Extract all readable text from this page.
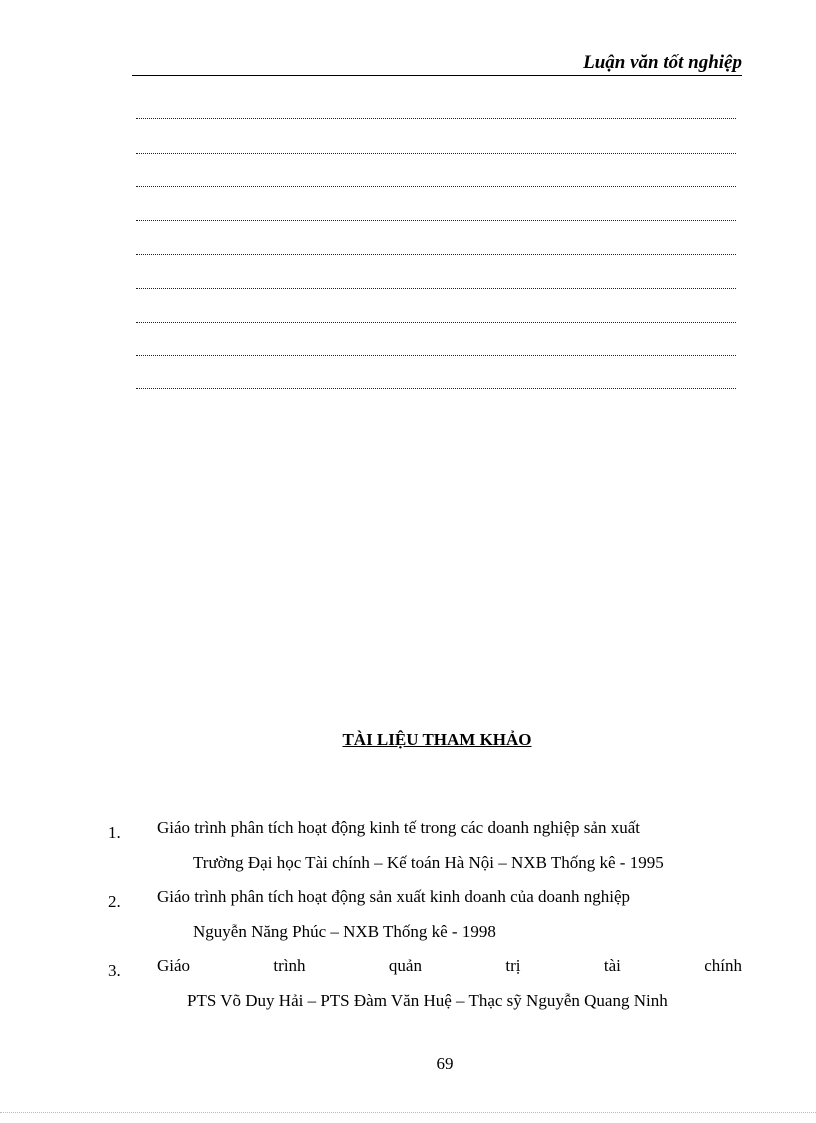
Luận văn tốt nghiệp
TÀI LIỆU THAM KHẢO
1. Giáo trình phân tích hoạt động kinh tế trong các doanh nghiệp sản xuất
Trường Đại học Tài chính – Kế toán Hà Nội – NXB Thống kê - 1995
2. Giáo trình phân tích hoạt động sản xuất kinh doanh của doanh nghiệp
Nguyễn Năng Phúc – NXB Thống kê - 1998
3. Giáo trình quản trị tài chính
PTS Võ Duy Hải – PTS Đàm Văn Huệ – Thạc sỹ Nguyễn Quang Ninh
69
